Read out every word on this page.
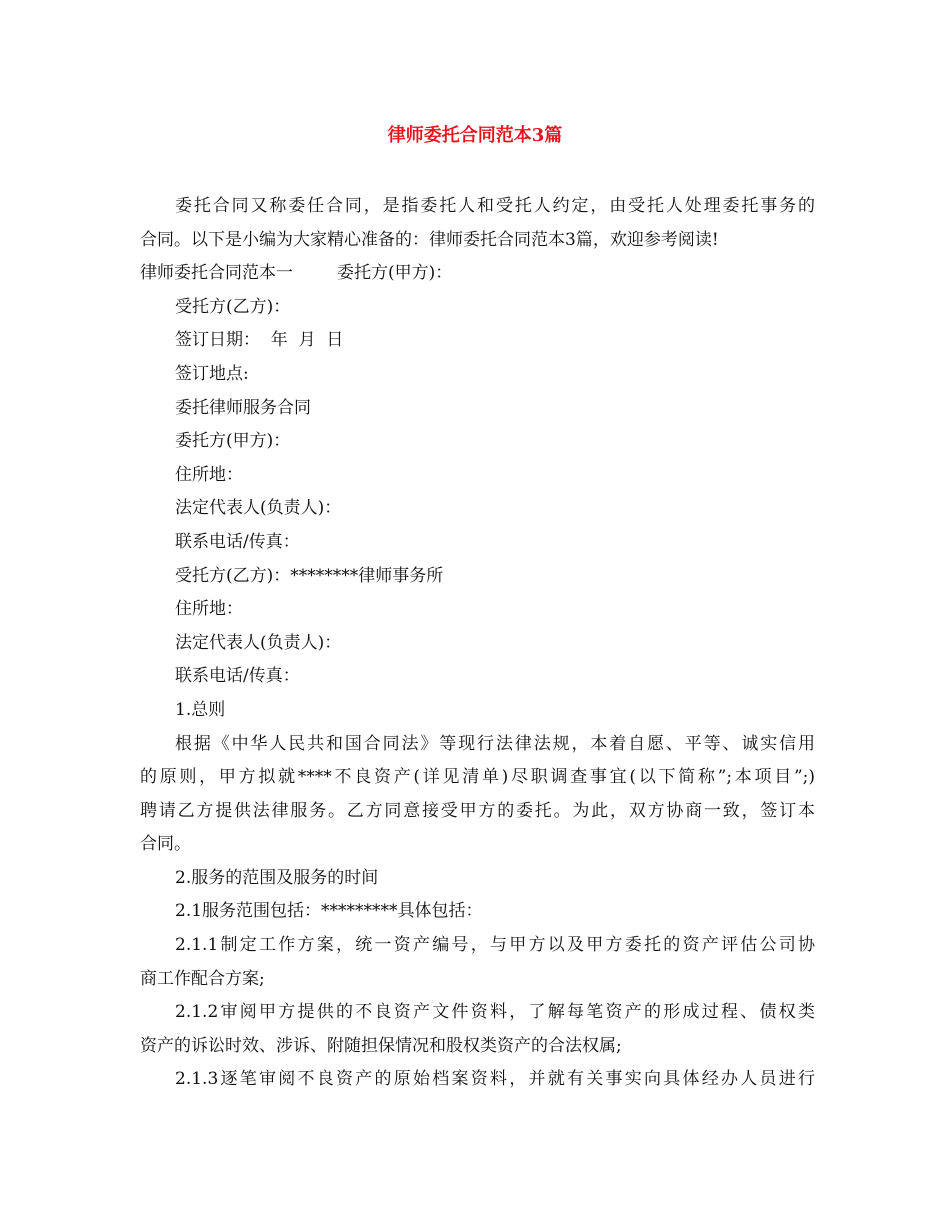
律师委托合同范本3篇
委托合同又称委任合同，是指委托人和受托人约定，由受托人处理委托事务的
合同。以下是小编为大家精心准备的：律师委托合同范本3篇，欢迎参考阅读!
律师委托合同范本一	委托方(甲方)：
受托方(乙方)：
签订日期：  年  月  日
签订地点:
委托律师服务合同
委托方(甲方)：
住所地：
法定代表人(负责人)：
联系电话/传真：
受托方(乙方)：********律师事务所
住所地：
法定代表人(负责人)：
联系电话/传真：
1.总则
根据《中华人民共和国合同法》等现行法律法规，本着自愿、平等、诚实信用
的原则，甲方拟就****不良资产(详见清单)尽职调查事宜(以下简称”;本项目”;)
聘请乙方提供法律服务。乙方同意接受甲方的委托。为此，双方协商一致，签订本
合同。
2.服务的范围及服务的时间
2.1服务范围包括：*********具体包括：
2.1.1制定工作方案，统一资产编号，与甲方以及甲方委托的资产评估公司协
商工作配合方案;
2.1.2审阅甲方提供的不良资产文件资料，了解每笔资产的形成过程、债权类
资产的诉讼时效、涉诉、附随担保情况和股权类资产的合法权属;
2.1.3逐笔审阅不良资产的原始档案资料，并就有关事实向具体经办人员进行
